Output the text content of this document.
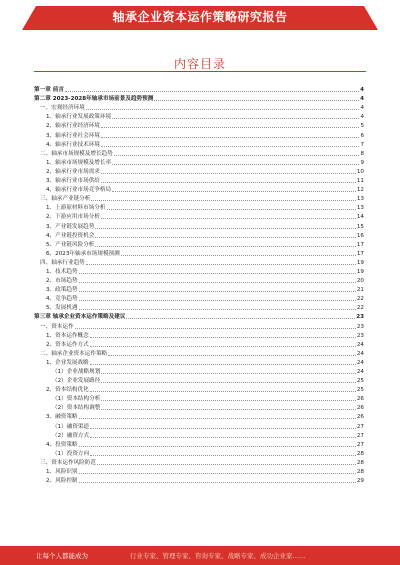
轴承企业资本运作策略研究报告
内容目录
第一章 前言	4
第二章 2023-2028年轴承市场前景及趋势预测	4
一、宏观经济环境	4
1、轴承行业发展政策环境	4
2、轴承行业经济环境	5
3、轴承行业社会环境	6
4、轴承行业技术环境	7
二、轴承市场规模及增长趋势	8
1、轴承市场规模及增长率	9
2、轴承行业市场需求	10
3、轴承行业市场供给	11
4、轴承行业市场竞争格局	12
三、轴承产业链分析	13
1、上游原材料市场分析	13
2、下游应用市场分析	14
3、产业链发展趋势	15
4、产业链投资机会	16
5、产业链风险分析	17
6、2023年轴承市场规模预测	17
四、轴承行业趋势	19
1、技术趋势	19
2、市场趋势	20
3、政策趋势	21
4、竞争趋势	22
5、发展机遇	22
第三章 轴承企业资本运作策略及建议	23
一、资本运作	23
1、资本运作概念	23
2、资本运作方式	24
二、轴承企业资本运作策略	24
1、企业发展战略	24
（1）企业战略规划	24
（2）企业发展路径	25
2、资本结构优化	25
（1）资本结构分析	26
（2）资本结构调整	26
3、融资策略	26
（1）融资渠道	27
（2）融资方式	27
4、投资策略	27
（1）投资方向	28
三、资本运作风险防范	28
1、风险识别	28
2、风险控制	29
让每个人都能成为	行业专家、管理专家、咨询专家、战略专家、成功企业家……
